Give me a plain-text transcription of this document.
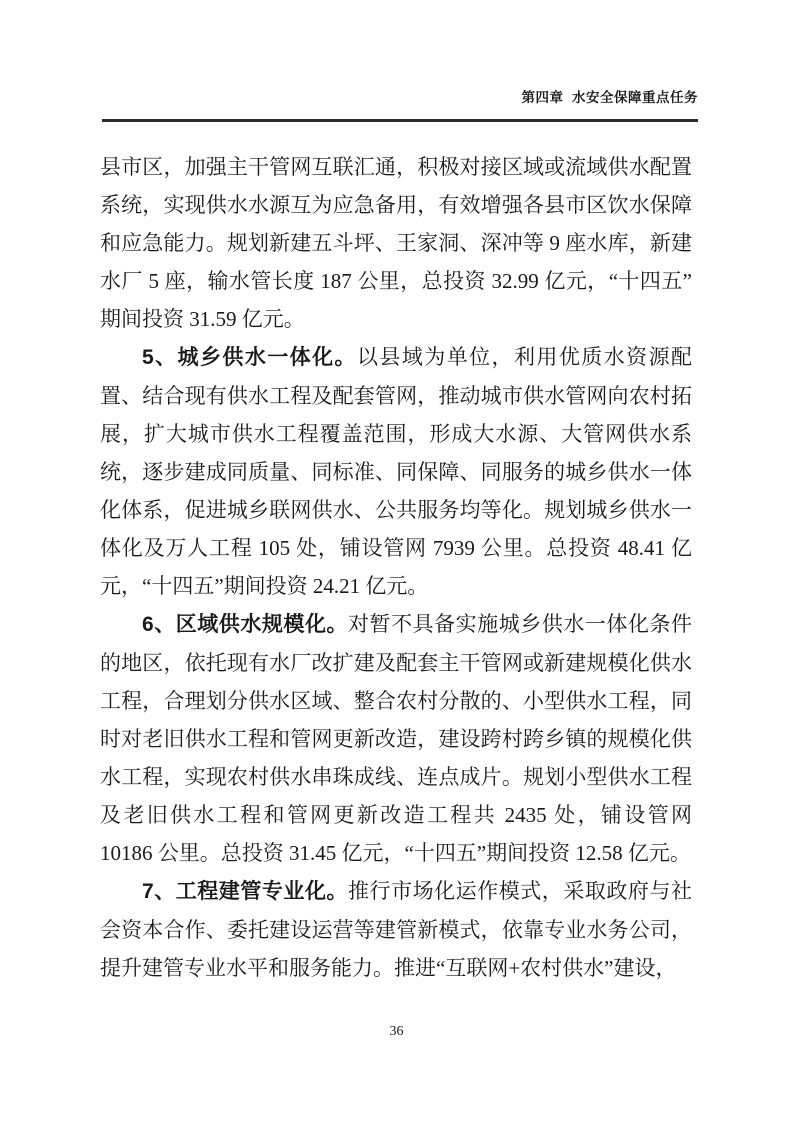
第四章  水安全保障重点任务

县市区，加强主干管网互联汇通，积极对接区域或流域供水配置系统，实现供水水源互为应急备用，有效增强各县市区饮水保障和应急能力。规划新建五斗坪、王家洞、深冲等 9 座水库，新建水厂 5 座，输水管长度 187 公里，总投资 32.99 亿元，“十四五”期间投资 31.59 亿元。

5、城乡供水一体化。以县域为单位，利用优质水资源配置、结合现有供水工程及配套管网，推动城市供水管网向农村拓展，扩大城市供水工程覆盖范围，形成大水源、大管网供水系统，逐步建成同质量、同标准、同保障、同服务的城乡供水一体化体系，促进城乡联网供水、公共服务均等化。规划城乡供水一体化及万人工程 105 处，铺设管网 7939 公里。总投资 48.41 亿元，“十四五”期间投资 24.21 亿元。

6、区域供水规模化。对暂不具备实施城乡供水一体化条件的地区，依托现有水厂改扩建及配套主干管网或新建规模化供水工程，合理划分供水区域、整合农村分散的、小型供水工程，同时对老旧供水工程和管网更新改造，建设跨村跨乡镇的规模化供水工程，实现农村供水串珠成线、连点成片。规划小型供水工程及老旧供水工程和管网更新改造工程共 2435 处，铺设管网 10186 公里。总投资 31.45 亿元，“十四五”期间投资 12.58 亿元。

7、工程建管专业化。推行市场化运作模式，采取政府与社会资本合作、委托建设运营等建管新模式，依靠专业水务公司，提升建管专业水平和服务能力。推进“互联网+农村供水”建设，

36
